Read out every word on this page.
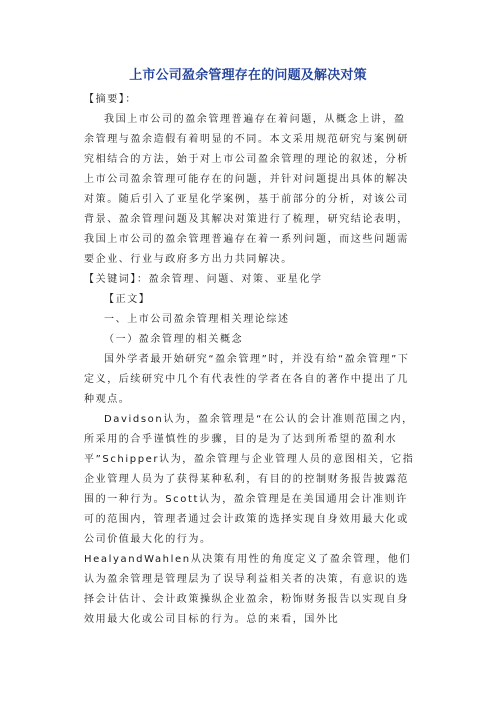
上市公司盈余管理存在的问题及解决对策

【摘要】：

我国上市公司的盈余管理普遍存在着问题，从概念上讲，盈余管理与盈余造假有着明显的不同。本文采用规范研究与案例研究相结合的方法，始于对上市公司盈余管理的理论的叙述，分析上市公司盈余管理可能存在的问题，并针对问题提出具体的解决对策。随后引入了亚星化学案例，基于前部分的分析，对该公司背景、盈余管理问题及其解决对策进行了梳理，研究结论表明，我国上市公司的盈余管理普遍存在着一系列问题，而这些问题需要企业、行业与政府多方出力共同解决。

【关键词】：盈余管理、问题、对策、亚星化学

【正文】

一、上市公司盈余管理相关理论综述

（一）盈余管理的相关概念

国外学者最开始研究“盈余管理”时，并没有给“盈余管理”下定义，后续研究中几个有代表性的学者在各自的著作中提出了几种观点。

Davidson认为，盈余管理是“在公认的会计准则范围之内，所采用的合乎谨慎性的步骤，目的是为了达到所希望的盈利水平”Schipper认为，盈余管理与企业管理人员的意图相关，它指企业管理人员为了获得某种私利，有目的的控制财务报告披露范围的一种行为。Scott认为，盈余管理是在美国通用会计准则许可的范围内，管理者通过会计政策的选择实现自身效用最大化或公司价值最大化的行为。

HealyandWahlen从决策有用性的角度定义了盈余管理，他们认为盈余管理是管理层为了误导利益相关者的决策，有意识的选择会计估计、会计政策操纵企业盈余，粉饰财务报告以实现自身效用最大化或公司目标的行为。总的来看，国外比
